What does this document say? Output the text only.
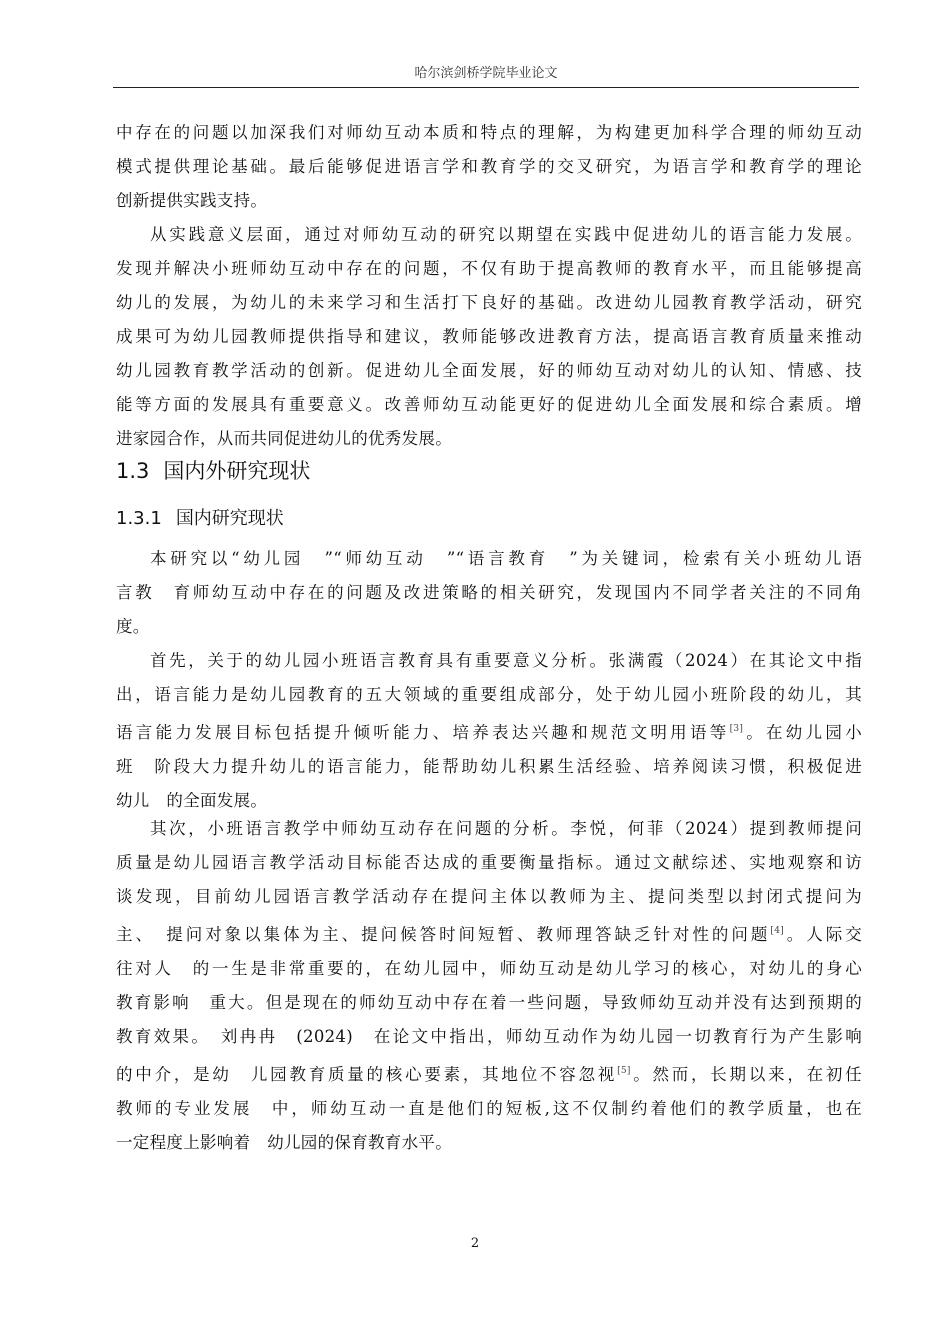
哈尔滨剑桥学院毕业论文
中存在的问题以加深我们对师幼互动本质和特点的理解，为构建更加科学合理的师幼互动
模式提供理论基础。最后能够促进语言学和教育学的交叉研究，为语言学和教育学的理论
创新提供实践支持。
从实践意义层面，通过对师幼互动的研究以期望在实践中促进幼儿的语言能力发展。
发现并解决小班师幼互动中存在的问题，不仅有助于提高教师的教育水平，而且能够提高
幼儿的发展，为幼儿的未来学习和生活打下良好的基础。改进幼儿园教育教学活动，研究
成果可为幼儿园教师提供指导和建议，教师能够改进教育方法，提高语言教育质量来推动
幼儿园教育教学活动的创新。促进幼儿全面发展，好的师幼互动对幼儿的认知、情感、技
能等方面的发展具有重要意义。改善师幼互动能更好的促进幼儿全面发展和综合素质。增
进家园合作，从而共同促进幼儿的优秀发展。
1.3 国内外研究现状
1.3.1 国内研究现状
本研究以“幼儿园　”“师幼互动　”“语言教育　”为关键词，检索有关小班幼儿语
言教　育师幼互动中存在的问题及改进策略的相关研究，发现国内不同学者关注的不同角
度。
首先，关于的幼儿园小班语言教育具有重要意义分析。张满霞（2024）在其论文中指
出，语言能力是幼儿园教育的五大领域的重要组成部分，处于幼儿园小班阶段的幼儿，其
语言能力发展目标包括提升倾听能力、培养表达兴趣和规范文明用语等[3]。在幼儿园小
班　阶段大力提升幼儿的语言能力，能帮助幼儿积累生活经验、培养阅读习惯，积极促进
幼儿　的全面发展。
其次，小班语言教学中师幼互动存在问题的分析。李悦，何菲（2024）提到教师提问
质量是幼儿园语言教学活动目标能否达成的重要衡量指标。通过文献综述、实地观察和访
谈发现，目前幼儿园语言教学活动存在提问主体以教师为主、提问类型以封闭式提问为
主、　提问对象以集体为主、提问候答时间短暂、教师理答缺乏针对性的问题[4]。人际交
往对人　的一生是非常重要的，在幼儿园中，师幼互动是幼儿学习的核心，对幼儿的身心
教育影响　重大。但是现在的师幼互动中存在着一些问题，导致师幼互动并没有达到预期的
教育效果。　刘冉冉　(2024)　在论文中指出，师幼互动作为幼儿园一切教育行为产生影响
的中介，是幼　儿园教育质量的核心要素，其地位不容忽视[5]。然而，长期以来，在初任
教师的专业发展　中，师幼互动一直是他们的短板,这不仅制约着他们的教学质量，也在
一定程度上影响着　幼儿园的保育教育水平。
2
